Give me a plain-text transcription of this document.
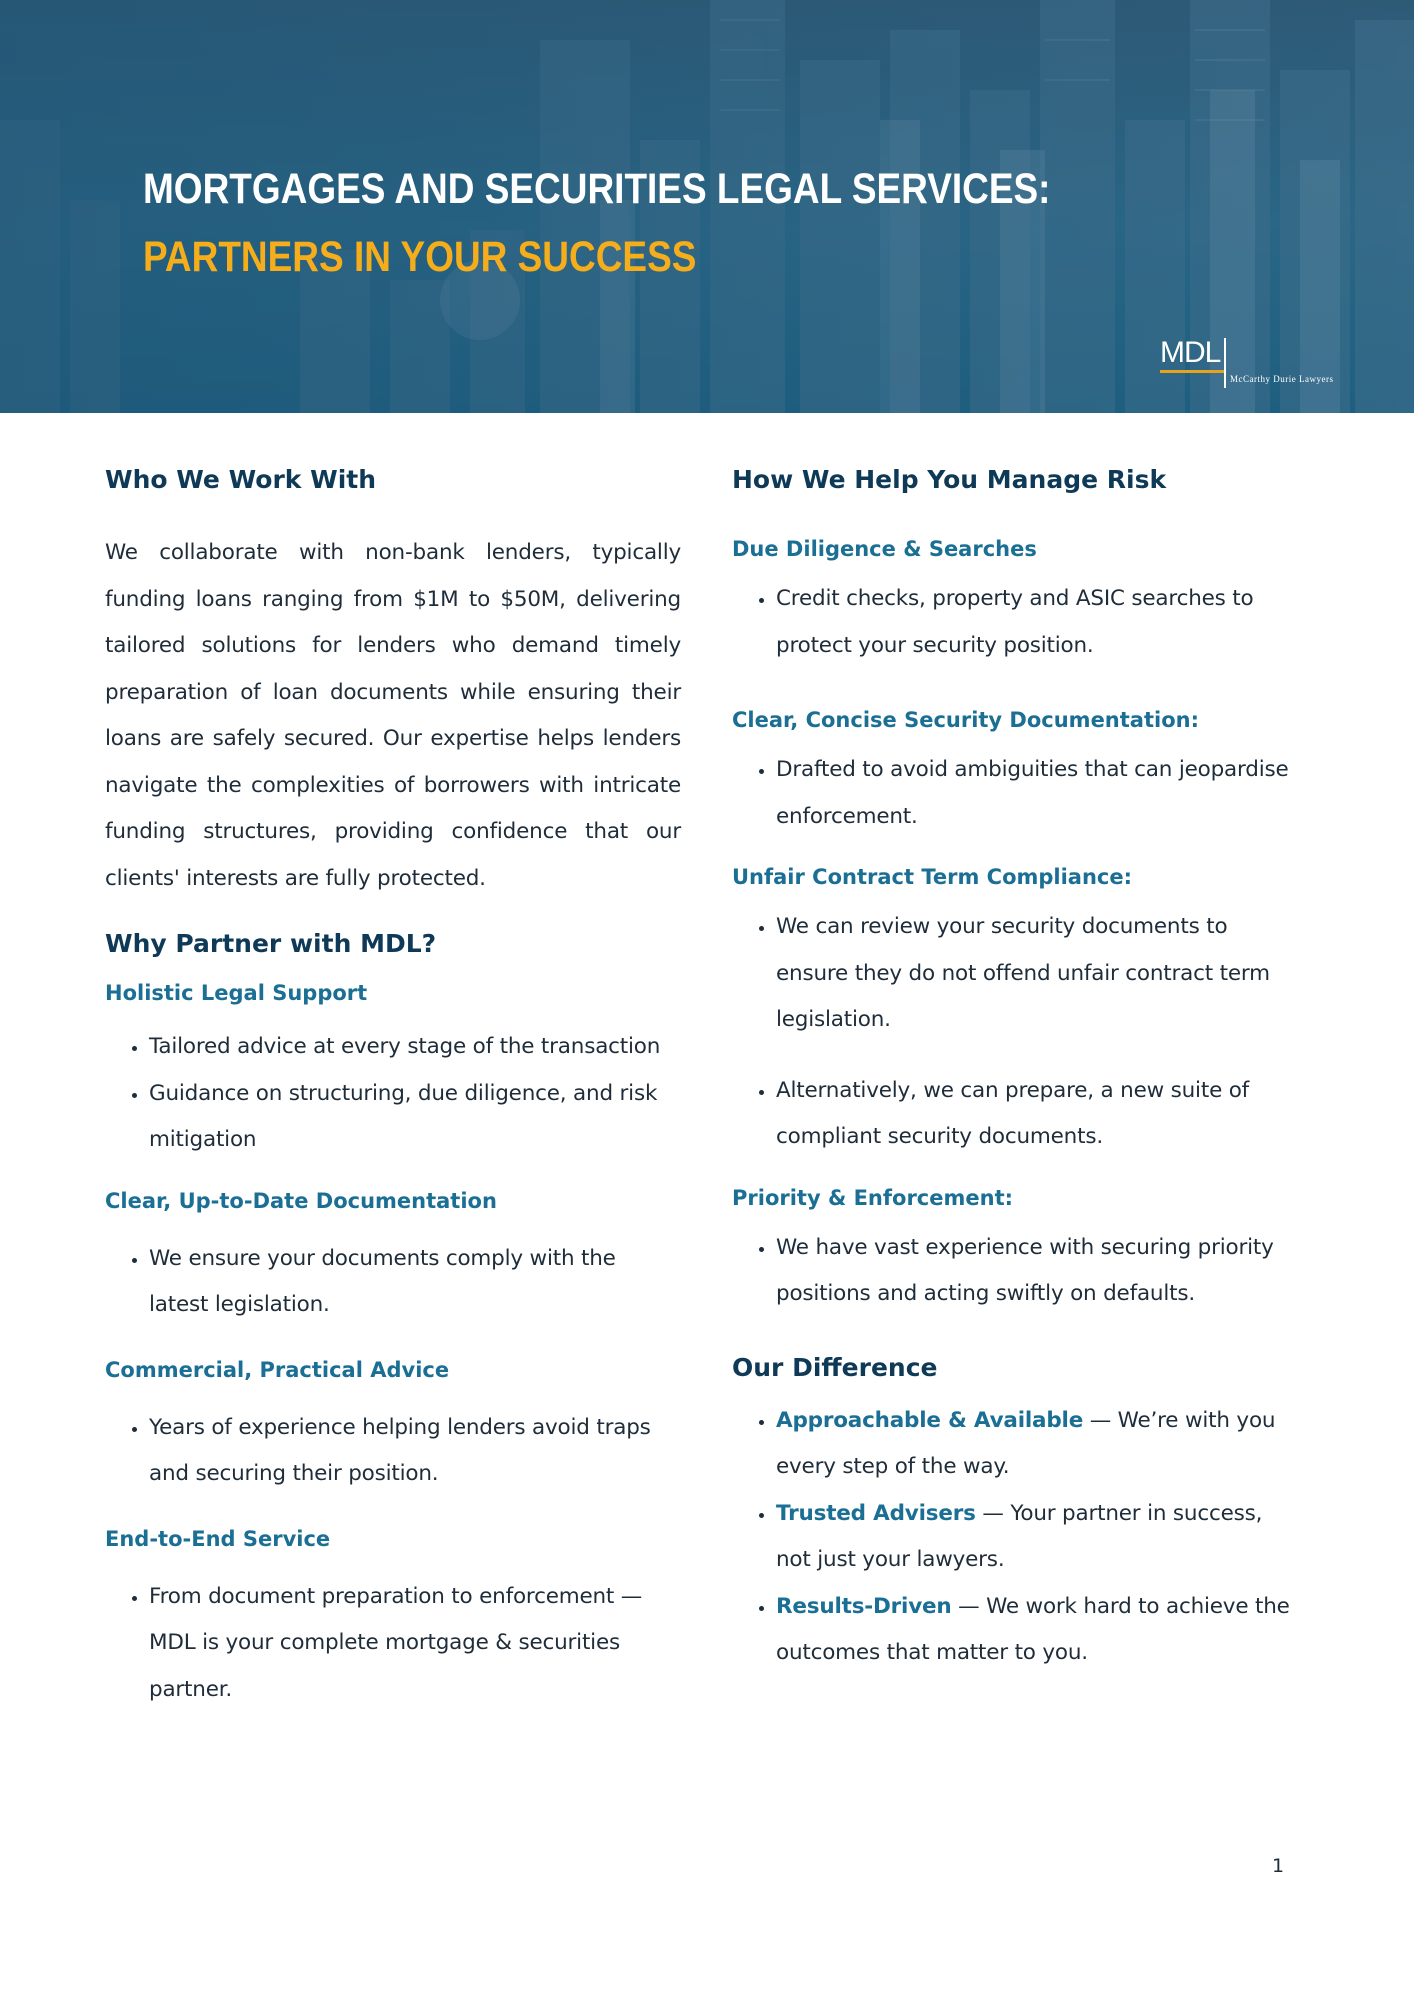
MORTGAGES AND SECURITIES LEGAL SERVICES:
PARTNERS IN YOUR SUCCESS
MDL
McCarthy Durie Lawyers
Who We Work With

We collaborate with non-bank lenders, typically funding loans ranging from $1M to $50M, delivering tailored solutions for lenders who demand timely preparation of loan documents while ensuring their loans are safely secured. Our expertise helps lenders navigate the complexities of borrowers with intricate funding structures, providing confidence that our clients' interests are fully protected.

Why Partner with MDL?
Holistic Legal Support
• Tailored advice at every stage of the transaction
• Guidance on structuring, due diligence, and risk mitigation
Clear, Up-to-Date Documentation
• We ensure your documents comply with the latest legislation.
Commercial, Practical Advice
• Years of experience helping lenders avoid traps and securing their position.
End-to-End Service
• From document preparation to enforcement — MDL is your complete mortgage & securities partner.
How We Help You Manage Risk
Due Diligence & Searches
• Credit checks, property and ASIC searches to protect your security position.
Clear, Concise Security Documentation:
• Drafted to avoid ambiguities that can jeopardise enforcement.
Unfair Contract Term Compliance:
• We can review your security documents to ensure they do not offend unfair contract term legislation.
• Alternatively, we can prepare, a new suite of compliant security documents.
Priority & Enforcement:
• We have vast experience with securing priority positions and acting swiftly on defaults.
Our Difference
• Approachable & Available — We’re with you every step of the way.
• Trusted Advisers — Your partner in success, not just your lawyers.
• Results-Driven — We work hard to achieve the outcomes that matter to you.
1
